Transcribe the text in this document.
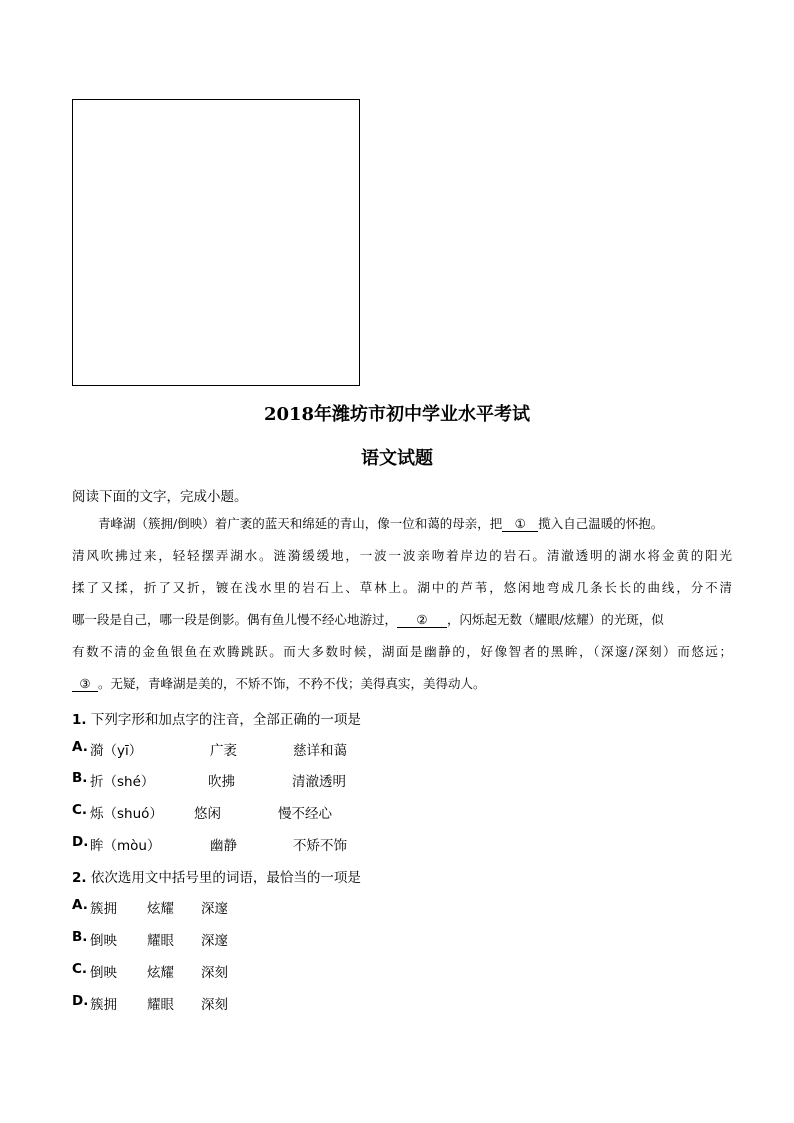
2018年潍坊市初中学业水平考试
语文试题
阅读下面的文字，完成小题。
青峰湖（簇拥/倒映）着广袤的蓝天和绵延的青山，像一位和蔼的母亲，把 ① 揽入自己温暖的怀抱。
清风吹拂过来，轻轻摆弄湖水。涟漪缓缓地，一波一波亲吻着岸边的岩石。清澈透明的湖水将金黄的阳光
揉了又揉，折了又折，镀在浅水里的岩石上、草林上。湖中的芦苇，悠闲地弯成几条长长的曲线，分不清
哪一段是自己，哪一段是倒影。偶有鱼儿慢不经心地游过， ② ，闪烁起无数（耀眼/炫耀）的光斑，似
有数不清的金鱼银鱼在欢腾跳跃。而大多数时候，湖面是幽静的，好像智者的黑眸，（深邃/深刻）而悠远；
③ 。无疑，青峰湖是美的，不矫不饰，不矜不伐；美得真实，美得动人。
1. 下列字形和加点字的注音，全部正确的一项是
A. 漪（yī）	广袤	慈详和蔼
B. 折（shé）	吹拂	清澈透明
C. 烁（shuó） 悠闲	慢不经心
D. 眸（mòu）	幽静	不矫不饰
2. 依次选用文中括号里的词语，最恰当的一项是
A. 簇拥 炫耀 深邃
B. 倒映 耀眼 深邃
C. 倒映 炫耀 深刻
D. 簇拥 耀眼 深刻
